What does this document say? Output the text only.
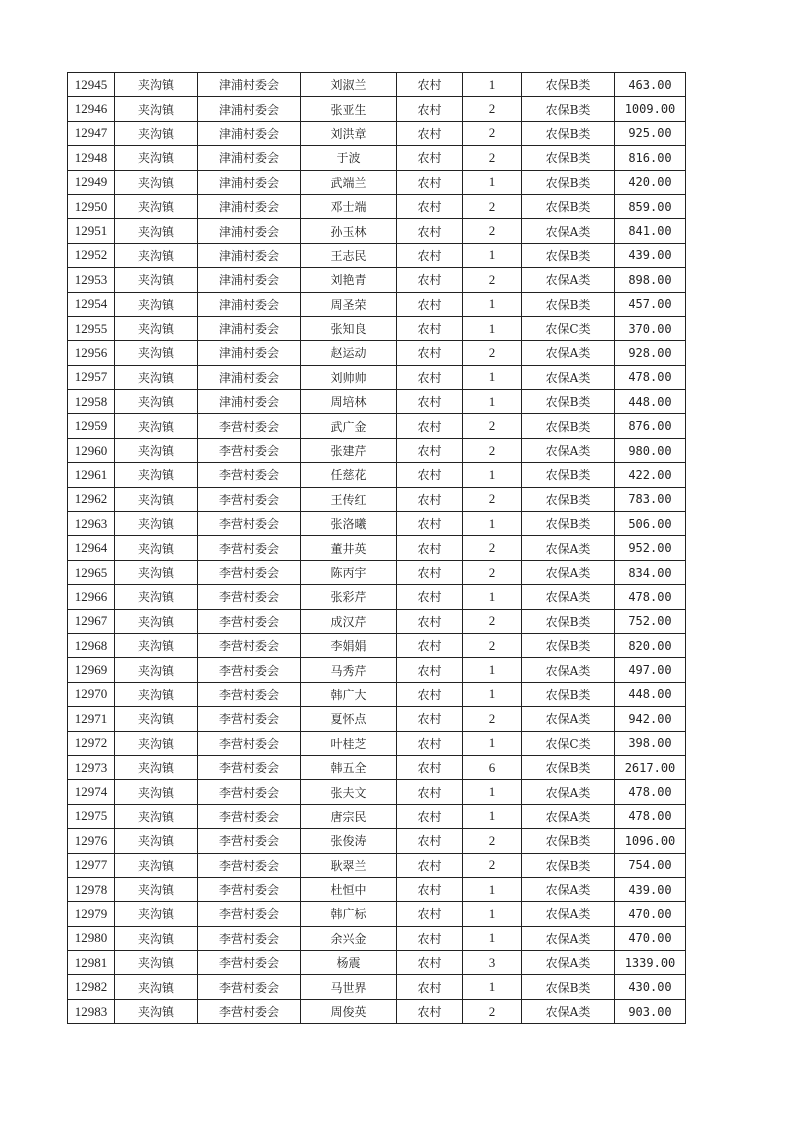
12945	夹沟镇	津浦村委会	刘淑兰	农村	1	农保B类	463.00
12946	夹沟镇	津浦村委会	张亚生	农村	2	农保B类	1009.00
12947	夹沟镇	津浦村委会	刘洪章	农村	2	农保B类	925.00
12948	夹沟镇	津浦村委会	于波	农村	2	农保B类	816.00
12949	夹沟镇	津浦村委会	武端兰	农村	1	农保B类	420.00
12950	夹沟镇	津浦村委会	邓士端	农村	2	农保B类	859.00
12951	夹沟镇	津浦村委会	孙玉林	农村	2	农保A类	841.00
12952	夹沟镇	津浦村委会	王志民	农村	1	农保B类	439.00
12953	夹沟镇	津浦村委会	刘艳青	农村	2	农保A类	898.00
12954	夹沟镇	津浦村委会	周圣荣	农村	1	农保B类	457.00
12955	夹沟镇	津浦村委会	张知良	农村	1	农保C类	370.00
12956	夹沟镇	津浦村委会	赵运动	农村	2	农保A类	928.00
12957	夹沟镇	津浦村委会	刘帅帅	农村	1	农保A类	478.00
12958	夹沟镇	津浦村委会	周培林	农村	1	农保B类	448.00
12959	夹沟镇	李营村委会	武广金	农村	2	农保B类	876.00
12960	夹沟镇	李营村委会	张建芹	农村	2	农保A类	980.00
12961	夹沟镇	李营村委会	任慈花	农村	1	农保B类	422.00
12962	夹沟镇	李营村委会	王传红	农村	2	农保B类	783.00
12963	夹沟镇	李营村委会	张洛曦	农村	1	农保B类	506.00
12964	夹沟镇	李营村委会	董井英	农村	2	农保A类	952.00
12965	夹沟镇	李营村委会	陈丙宇	农村	2	农保A类	834.00
12966	夹沟镇	李营村委会	张彩芹	农村	1	农保A类	478.00
12967	夹沟镇	李营村委会	成汉芹	农村	2	农保B类	752.00
12968	夹沟镇	李营村委会	李娟娟	农村	2	农保B类	820.00
12969	夹沟镇	李营村委会	马秀芹	农村	1	农保A类	497.00
12970	夹沟镇	李营村委会	韩广大	农村	1	农保B类	448.00
12971	夹沟镇	李营村委会	夏怀点	农村	2	农保A类	942.00
12972	夹沟镇	李营村委会	叶桂芝	农村	1	农保C类	398.00
12973	夹沟镇	李营村委会	韩五全	农村	6	农保B类	2617.00
12974	夹沟镇	李营村委会	张夫文	农村	1	农保A类	478.00
12975	夹沟镇	李营村委会	唐宗民	农村	1	农保A类	478.00
12976	夹沟镇	李营村委会	张俊涛	农村	2	农保B类	1096.00
12977	夹沟镇	李营村委会	耿翠兰	农村	2	农保B类	754.00
12978	夹沟镇	李营村委会	杜恒中	农村	1	农保A类	439.00
12979	夹沟镇	李营村委会	韩广标	农村	1	农保A类	470.00
12980	夹沟镇	李营村委会	余兴金	农村	1	农保A类	470.00
12981	夹沟镇	李营村委会	杨震	农村	3	农保A类	1339.00
12982	夹沟镇	李营村委会	马世界	农村	1	农保B类	430.00
12983	夹沟镇	李营村委会	周俊英	农村	2	农保A类	903.00
